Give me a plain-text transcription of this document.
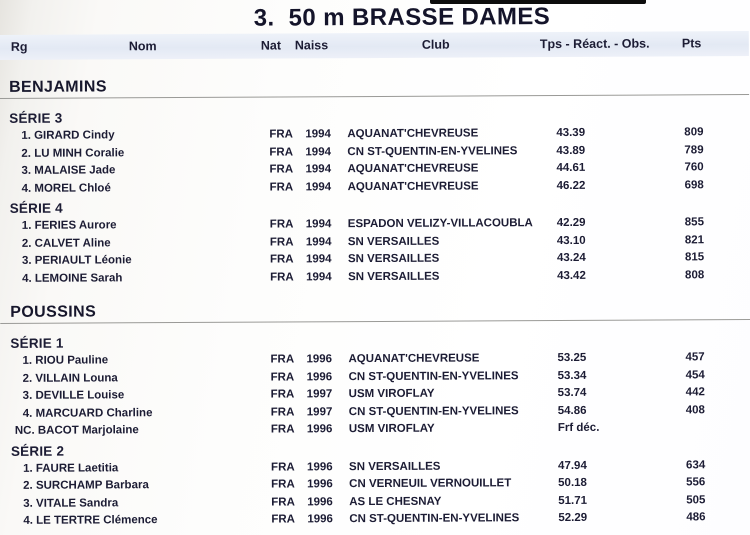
3.  50 m BRASSE DAMES
Rg	Nom	Nat Naiss	Club	Tps - Réact. - Obs.	Pts
BENJAMINS
SÉRIE 3
1. GIRARD Cindy	FRA	1994	AQUANAT'CHEVREUSE	43.39	809
2. LU MINH Coralie	FRA	1994	CN ST-QUENTIN-EN-YVELINES	43.89	789
3. MALAISE Jade	FRA	1994	AQUANAT'CHEVREUSE	44.61	760
4. MOREL Chloé	FRA	1994	AQUANAT'CHEVREUSE	46.22	698
SÉRIE 4
1. FERIES Aurore	FRA	1994	ESPADON VELIZY-VILLACOUBLA	42.29	855
2. CALVET Aline	FRA	1994	SN VERSAILLES	43.10	821
3. PERIAULT Léonie	FRA	1994	SN VERSAILLES	43.24	815
4. LEMOINE Sarah	FRA	1994	SN VERSAILLES	43.42	808
POUSSINS
SÉRIE 1
1. RIOU Pauline	FRA	1996	AQUANAT'CHEVREUSE	53.25	457
2. VILLAIN Louna	FRA	1996	CN ST-QUENTIN-EN-YVELINES	53.34	454
3. DEVILLE Louise	FRA	1997	USM VIROFLAY	53.74	442
4. MARCUARD Charline	FRA	1997	CN ST-QUENTIN-EN-YVELINES	54.86	408
NC. BACOT Marjolaine	FRA	1996	USM VIROFLAY	Frf déc.
SÉRIE 2
1. FAURE Laetitia	FRA	1996	SN VERSAILLES	47.94	634
2. SURCHAMP Barbara	FRA	1996	CN VERNEUIL VERNOUILLET	50.18	556
3. VITALE Sandra	FRA	1996	AS LE CHESNAY	51.71	505
4. LE TERTRE Clémence	FRA	1996	CN ST-QUENTIN-EN-YVELINES	52.29	486
